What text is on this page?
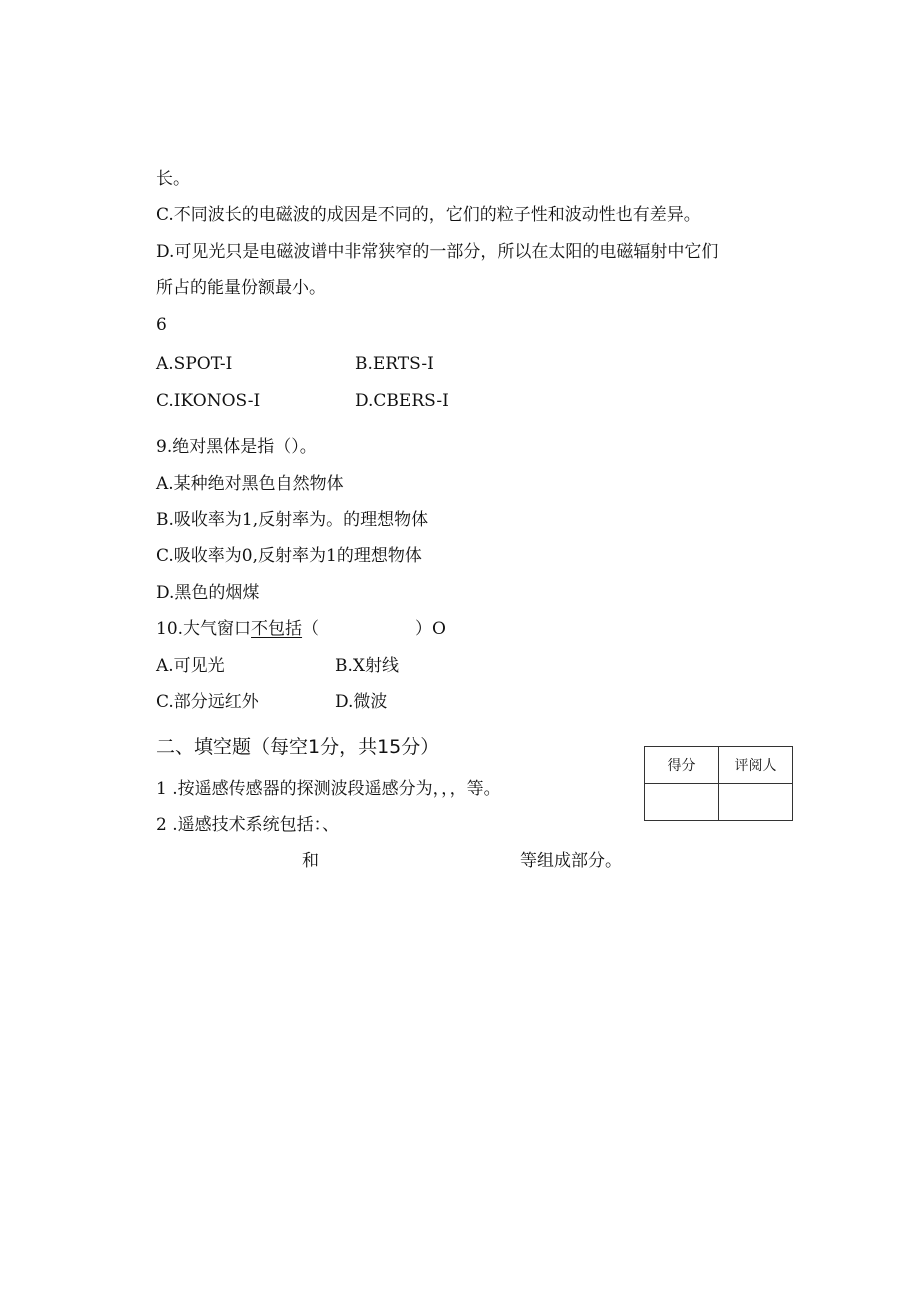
长。
C.不同波长的电磁波的成因是不同的，它们的粒子性和波动性也有差异。
D.可见光只是电磁波谱中非常狭窄的一部分，所以在太阳的电磁辐射中它们
所占的能量份额最小。
6
A.SPOT-I	B.ERTS-I
C.IKONOS-I	D.CBERS-I
9.绝对黑体是指（）。
A.某种绝对黑色自然物体
B.吸收率为1,反射率为。的理想物体
C.吸收率为0,反射率为1的理想物体
D.黑色的烟煤
10.大气窗口不包括（	）O
A.可见光	B.X射线
C.部分远红外	D.微波
二、填空题（每空1分，共15分）
1 .按遥感传感器的探测波段遥感分为，，，等。
2 .遥感技术系统包括：、
和	等组成部分。
得分	评阅人
